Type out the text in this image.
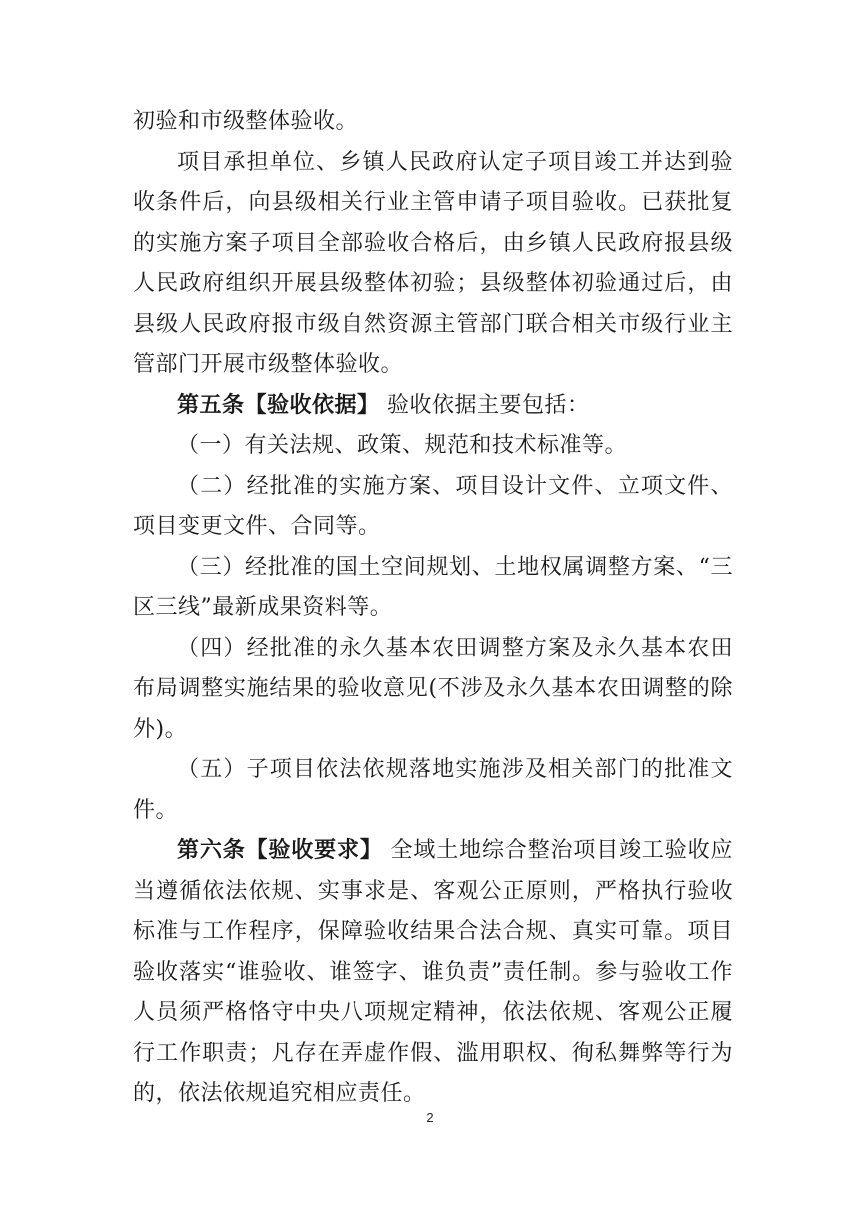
初验和市级整体验收。

项目承担单位、乡镇人民政府认定子项目竣工并达到验收条件后，向县级相关行业主管申请子项目验收。已获批复的实施方案子项目全部验收合格后，由乡镇人民政府报县级人民政府组织开展县级整体初验；县级整体初验通过后，由县级人民政府报市级自然资源主管部门联合相关市级行业主管部门开展市级整体验收。

第五条【验收依据】 验收依据主要包括：

（一）有关法规、政策、规范和技术标准等。

（二）经批准的实施方案、项目设计文件、立项文件、项目变更文件、合同等。

（三）经批准的国土空间规划、土地权属调整方案、“三区三线”最新成果资料等。

（四）经批准的永久基本农田调整方案及永久基本农田布局调整实施结果的验收意见(不涉及永久基本农田调整的除外)。

（五）子项目依法依规落地实施涉及相关部门的批准文件。

第六条【验收要求】 全域土地综合整治项目竣工验收应当遵循依法依规、实事求是、客观公正原则，严格执行验收标准与工作程序，保障验收结果合法合规、真实可靠。项目验收落实“谁验收、谁签字、谁负责”责任制。参与验收工作人员须严格恪守中央八项规定精神，依法依规、客观公正履行工作职责；凡存在弄虚作假、滥用职权、徇私舞弊等行为的，依法依规追究相应责任。

2
